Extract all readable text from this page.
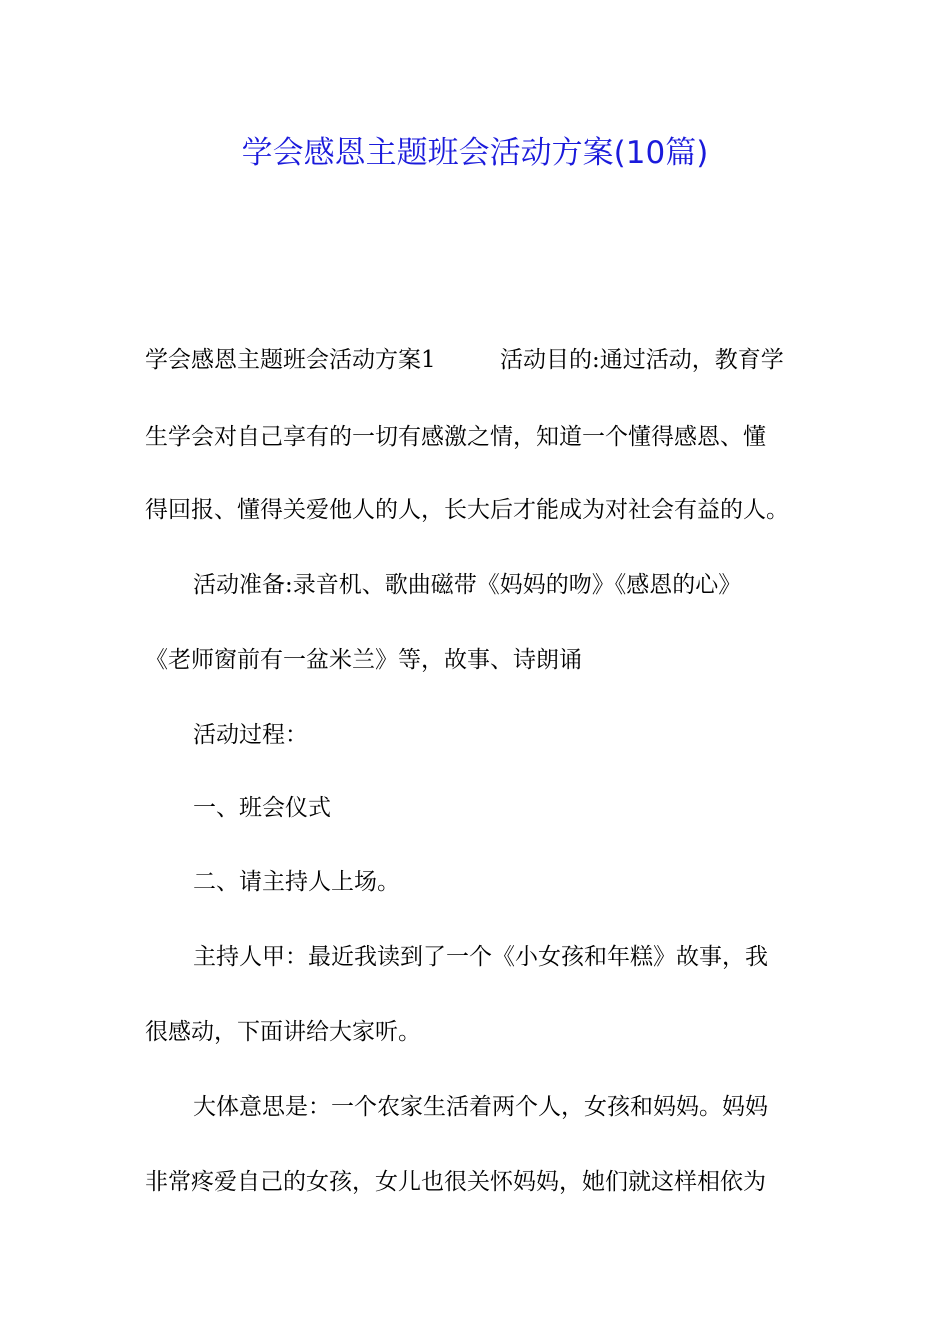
学会感恩主题班会活动方案(10篇)
学会感恩主题班会活动方案1	活动目的:通过活动，教育学
生学会对自己享有的一切有感激之情，知道一个懂得感恩、懂
得回报、懂得关爱他人的人，长大后才能成为对社会有益的人。
活动准备:录音机、歌曲磁带《妈妈的吻》《感恩的心》
《老师窗前有一盆米兰》等，故事、诗朗诵
活动过程：
一、班会仪式
二、请主持人上场。
主持人甲：最近我读到了一个《小女孩和年糕》故事，我
很感动，下面讲给大家听。
大体意思是：一个农家生活着两个人，女孩和妈妈。妈妈
非常疼爱自己的女孩，女儿也很关怀妈妈，她们就这样相依为
